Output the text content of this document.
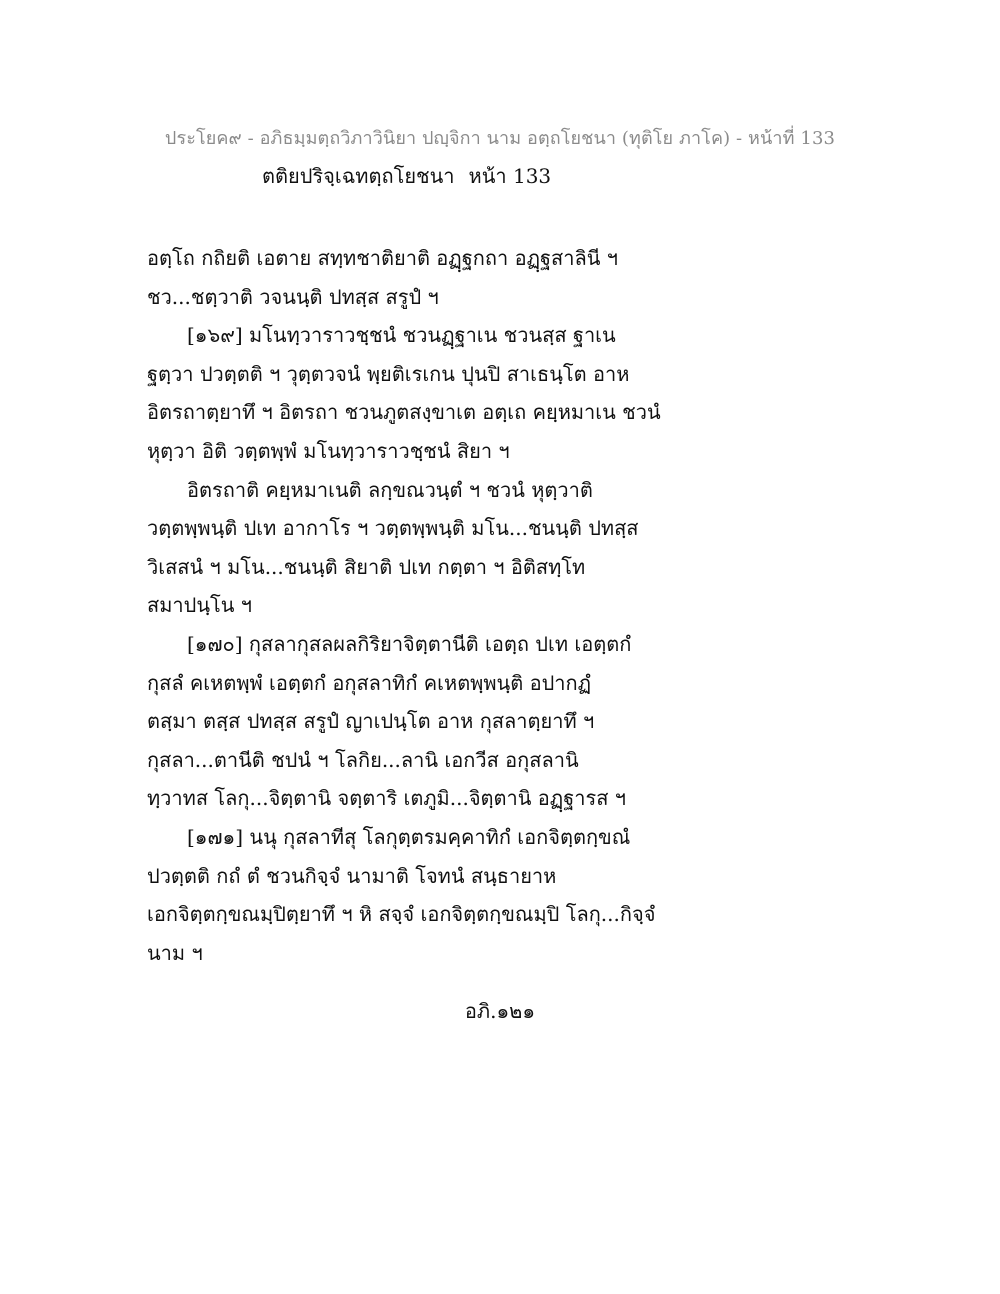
ประโยค๙ - อภิธมฺมตฺถวิภาวินิยา ปญฺจิกา นาม อตฺถโยชนา (ทุติโย ภาโค) - หน้าที่ 133
ตติยปริจฺเฉทตฺถโยชนา หน้า 133
อตฺโถ กถิยติ เอตาย สทฺทชาติยาติ อฏฺฐกถา อฏฺฐสาลินี ฯ
ชว...ชตฺวาติ วจนนฺติ ปทสฺส สรูปํ ฯ
[๑๖๙] มโนทฺวาราวชฺชนํ ชวนฏฺฐาเน ชวนสฺส ฐาเน
ฐตฺวา ปวตฺตติ ฯ วุตฺตวจนํ พฺยติเรเกน ปุนปิ สาเธนฺโต อาห
อิตรถาตฺยาทึ ฯ อิตรถา ชวนภูตสงฺขาเต อตฺเถ คยฺหมาเน ชวนํ
หุตฺวา อิติ วตฺตพฺพํ มโนทฺวาราวชฺชนํ สิยา ฯ
อิตรถาติ คยฺหมาเนติ ลกฺขณวนฺตํ ฯ ชวนํ หุตฺวาติ
วตฺตพฺพนฺติ ปเท อากาโร ฯ วตฺตพฺพนฺติ มโน...ชนนฺติ ปทสฺส
วิเสสนํ ฯ มโน...ชนนฺติ สิยาติ ปเท กตฺตา ฯ อิติสทฺโท
สมาปนฺโน ฯ
[๑๗๐] กุสลากุสลผลกิริยาจิตฺตานีติ เอตฺถ ปเท เอตฺตกํ
กุสลํ คเหตพฺพํ เอตฺตกํ อกุสลาทิกํ คเหตพฺพนฺติ อปากฏํ
ตสฺมา ตสฺส ปทสฺส สรูปํ ญาเปนฺโต อาห กุสลาตฺยาทึ ฯ
กุสลา...ตานีติ ชปนํ ฯ โลกิย...ลานิ เอกวีส อกุสลานิ
ทฺวาทส โลกุ...จิตฺตานิ จตฺตาริ เตภูมิ...จิตฺตานิ อฏฺฐารส ฯ
[๑๗๑] นนุ กุสลาทีสุ โลกุตฺตรมคฺคาทิกํ เอกจิตฺตกฺขณํ
ปวตฺตติ กถํ ตํ ชวนกิจฺจํ นามาติ โจทนํ สนฺธายาห
เอกจิตฺตกฺขณมฺปิตฺยาทึ ฯ หิ สจฺจํ เอกจิตฺตกฺขณมฺปิ โลกุ...กิจฺจํ
นาม ฯ
อภิ.๑๒๑
